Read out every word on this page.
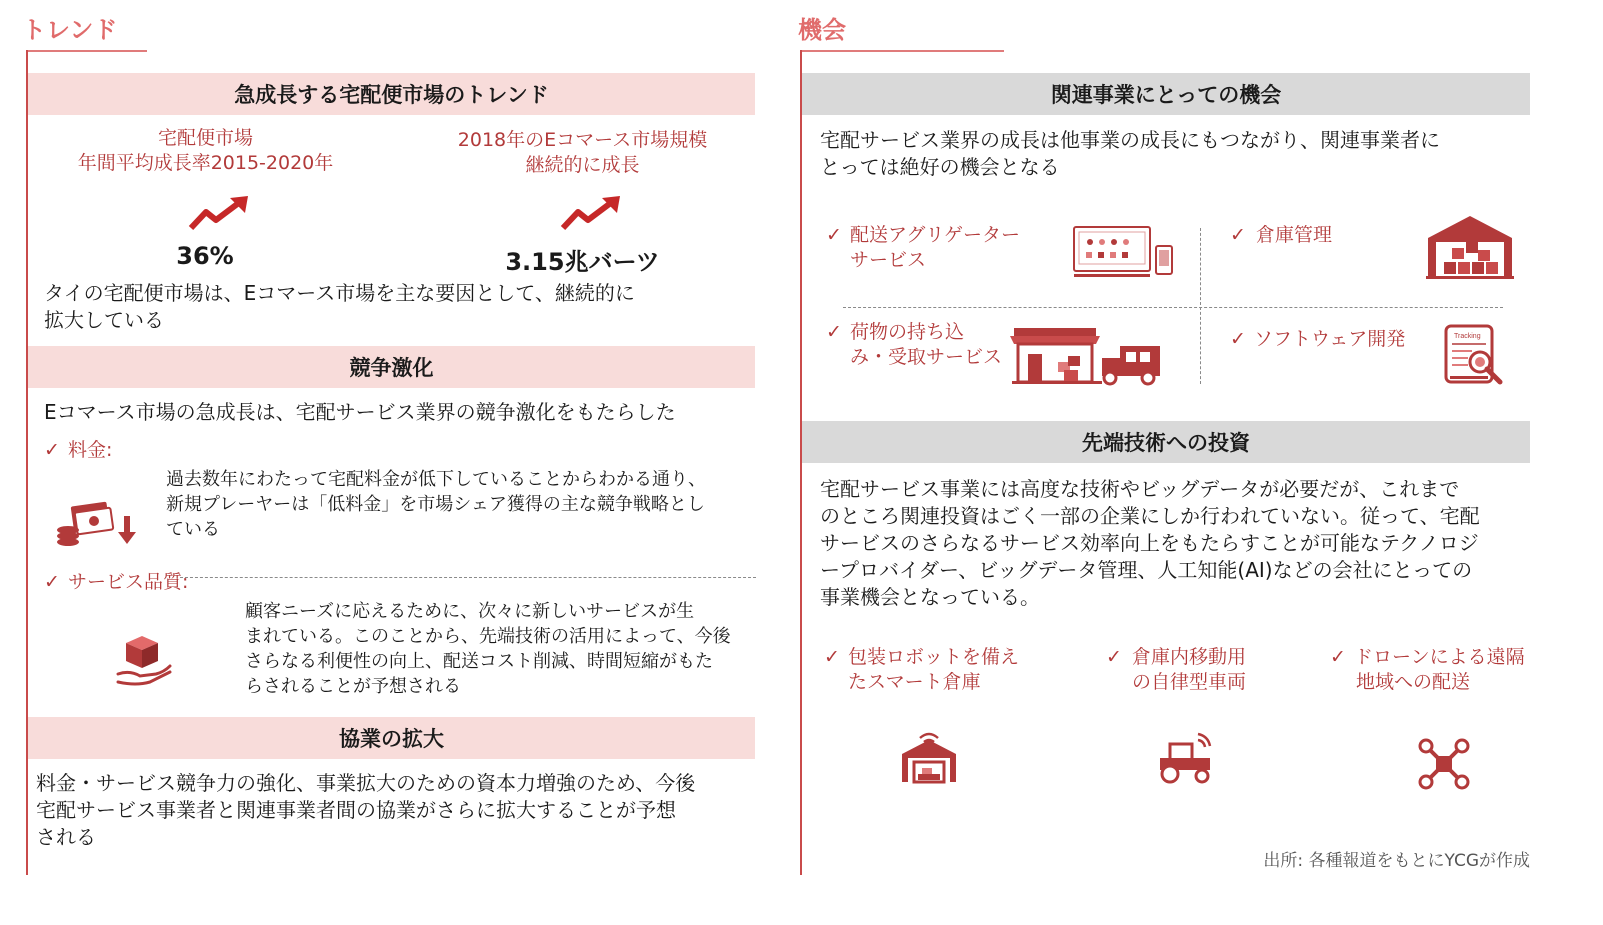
トレンド
急成長する宅配便市場のトレンド
宅配便市場
年間平均成長率2015-2020年
36%
2018年のEコマース市場規模
継続的に成長
3.15兆バーツ
タイの宅配便市場は、Eコマース市場を主な要因として、継続的に
拡大している
競争激化
Eコマース市場の急成長は、宅配サービス業界の競争激化をもたらした
✓ 料金:
過去数年にわたって宅配料金が低下していることからわかる通り、
新規プレーヤーは「低料金」を市場シェア獲得の主な競争戦略とし
ている
✓ サービス品質:
顧客ニーズに応えるために、次々に新しいサービスが生
まれている。このことから、先端技術の活用によって、今後
さらなる利便性の向上、配送コスト削減、時間短縮がもた
らされることが予想される
協業の拡大
料金・サービス競争力の強化、事業拡大のための資本力増強のため、今後
宅配サービス事業者と関連事業者間の協業がさらに拡大することが予想
される
機会
関連事業にとっての機会
宅配サービス業界の成長は他事業の成長にもつながり、関連事業者に
とっては絶好の機会となる
✓ 配送アグリゲーター
サービス
✓ 倉庫管理
✓ 荷物の持ち込
み・受取サービス
✓ ソフトウェア開発	Tracking
先端技術への投資
宅配サービス事業には高度な技術やビッグデータが必要だが、これまで
のところ関連投資はごく一部の企業にしか行われていない。従って、宅配
サービスのさらなるサービス効率向上をもたらすことが可能なテクノロジ
ープロバイダー、ビッグデータ管理、人工知能(AI)などの会社にとっての
事業機会となっている。
✓ 包装ロボットを備え
たスマート倉庫
✓ 倉庫内移動用
の自律型車両
✓ ドローンによる遠隔
地域への配送
出所: 各種報道をもとにYCGが作成
